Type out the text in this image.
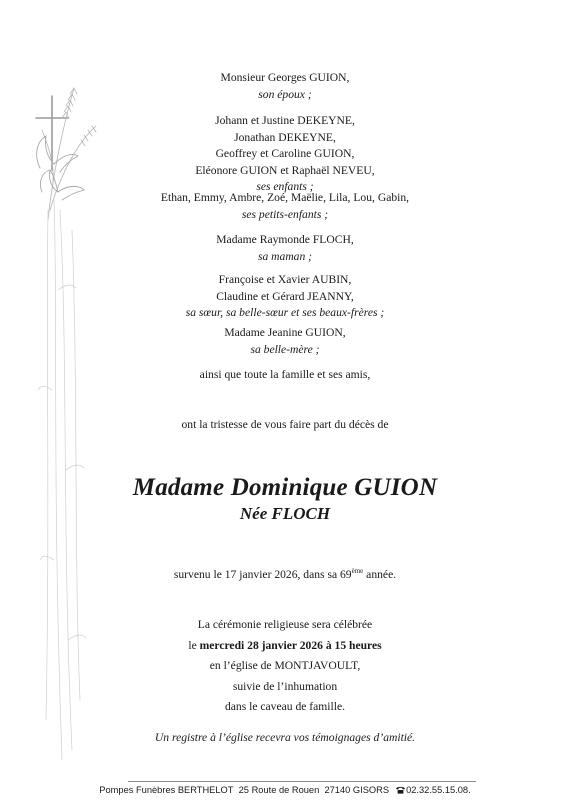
Monsieur Georges GUION,
son époux ;
Johann et Justine DEKEYNE,
Jonathan DEKEYNE,
Geoffrey et Caroline GUION,
Eléonore GUION et Raphaël NEVEU,
ses enfants ;
Ethan, Emmy, Ambre, Zoé, Maëlie, Lila, Lou, Gabin,
ses petits-enfants ;
Madame Raymonde FLOCH,
sa maman ;
Françoise et Xavier AUBIN,
Claudine et Gérard JEANNY,
sa sœur, sa belle-sœur et ses beaux-frères ;
Madame Jeanine GUION,
sa belle-mère ;
ainsi que toute la famille et ses amis,
ont la tristesse de vous faire part du décès de
Madame Dominique GUION
Née FLOCH
survenu le 17 janvier 2026, dans sa 69ème année.
La cérémonie religieuse sera célébrée
le mercredi 28 janvier 2026 à 15 heures
en l’église de MONTJAVOULT,
suivie de l’inhumation
dans le caveau de famille.
Un registre à l’église recevra vos témoignages d’amitié.
Pompes Funèbres BERTHELOT 25 Route de Rouen 27140 GISORS 02.32.55.15.08.
